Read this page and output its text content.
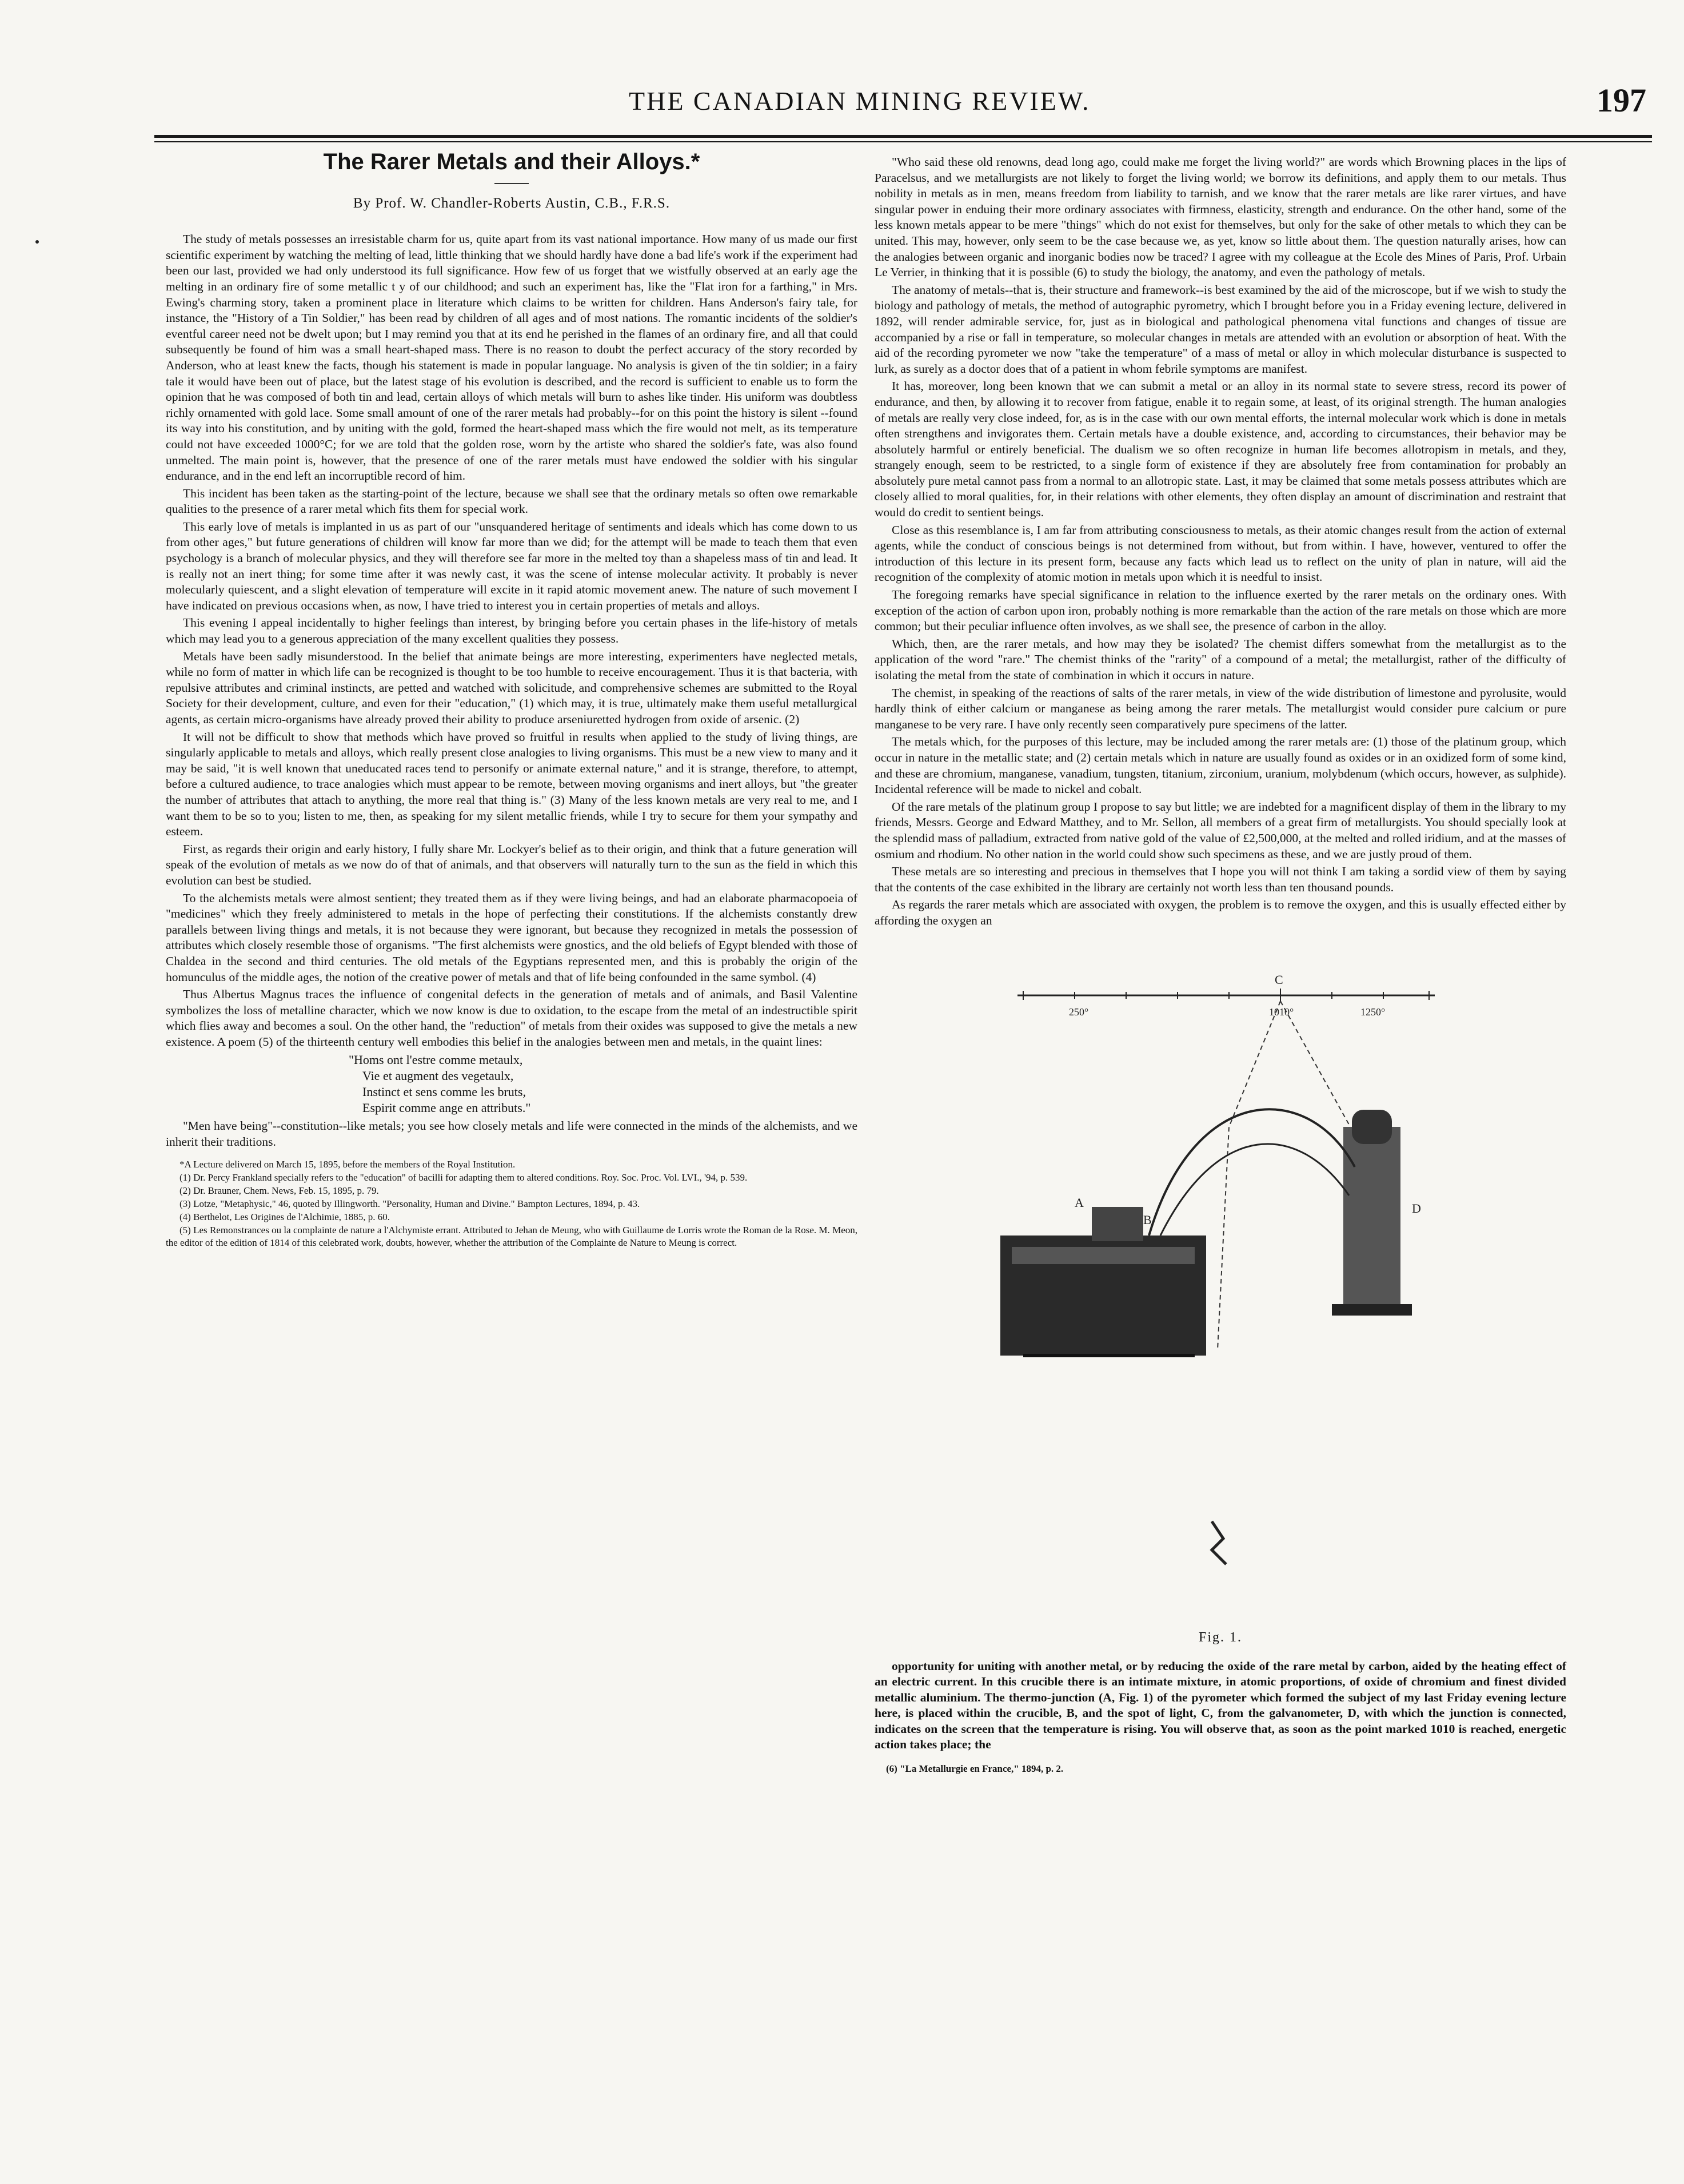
THE CANADIAN MINING REVIEW.	197
The Rarer Metals and their Alloys.*
By Prof. W. Chandler-Roberts Austin, C.B., F.R.S.

The study of metals possesses an irresistable charm for us, quite apart from its vast national importance. How many of us made our first scientific experiment by watching the melting of lead, little thinking that we should hardly have done a bad life's work if the experiment had been our last, provided we had only understood its full significance. How few of us forget that we wistfully observed at an early age the melting in an ordinary fire of some metallic t y of our childhood; and such an experiment has, like the "Flat iron for a farthing," in Mrs. Ewing's charming story, taken a prominent place in literature which claims to be written for children. Hans Anderson's fairy tale, for instance, the "History of a Tin Soldier," has been read by children of all ages and of most nations. The romantic incidents of the soldier's eventful career need not be dwelt upon; but I may remind you that at its end he perished in the flames of an ordinary fire, and all that could subsequently be found of him was a small heart-shaped mass. There is no reason to doubt the perfect accuracy of the story recorded by Anderson, who at least knew the facts, though his statement is made in popular language. No analysis is given of the tin soldier; in a fairy tale it would have been out of place, but the latest stage of his evolution is described, and the record is sufficient to enable us to form the opinion that he was composed of both tin and lead, certain alloys of which metals will burn to ashes like tinder. His uniform was doubtless richly ornamented with gold lace. Some small amount of one of the rarer metals had probably--for on this point the history is silent --found its way into his constitution, and by uniting with the gold, formed the heart-shaped mass which the fire would not melt, as its temperature could not have exceeded 1000°C; for we are told that the golden rose, worn by the artiste who shared the soldier's fate, was also found unmelted. The main point is, however, that the presence of one of the rarer metals must have endowed the soldier with his singular endurance, and in the end left an incorruptible record of him.

This incident has been taken as the starting-point of the lecture, because we shall see that the ordinary metals so often owe remarkable qualities to the presence of a rarer metal which fits them for special work.

This early love of metals is implanted in us as part of our "unsquandered heritage of sentiments and ideals which has come down to us from other ages," but future generations of children will know far more than we did; for the attempt will be made to teach them that even psychology is a branch of molecular physics, and they will therefore see far more in the melted toy than a shapeless mass of tin and lead. It is really not an inert thing; for some time after it was newly cast, it was the scene of intense molecular activity. It probably is never molecularly quiescent, and a slight elevation of temperature will excite in it rapid atomic movement anew. The nature of such movement I have indicated on previous occasions when, as now, I have tried to interest you in certain properties of metals and alloys.

This evening I appeal incidentally to higher feelings than interest, by bringing before you certain phases in the life-history of metals which may lead you to a generous appreciation of the many excellent qualities they possess.

Metals have been sadly misunderstood. In the belief that animate beings are more interesting, experimenters have neglected metals, while no form of matter in which life can be recognized is thought to be too humble to receive encouragement. Thus it is that bacteria, with repulsive attributes and criminal instincts, are petted and watched with solicitude, and comprehensive schemes are submitted to the Royal Society for their development, culture, and even for their "education," (1) which may, it is true, ultimately make them useful metallurgical agents, as certain micro-organisms have already proved their ability to produce arseniuretted hydrogen from oxide of arsenic. (2)

It will not be difficult to show that methods which have proved so fruitful in results when applied to the study of living things, are singularly applicable to metals and alloys, which really present close analogies to living organisms. This must be a new view to many and it may be said, "it is well known that uneducated races tend to personify or animate external nature," and it is strange, therefore, to attempt, before a cultured audience, to trace analogies which must appear to be remote, between moving organisms and inert alloys, but "the greater the number of attributes that attach to anything, the more real that thing is." (3) Many of the less known metals are very real to me, and I want them to be so to you; listen to me, then, as speaking for my silent metallic friends, while I try to secure for them your sympathy and esteem.

First, as regards their origin and early history, I fully share Mr. Lockyer's belief as to their origin, and think that a future generation will speak of the evolution of metals as we now do of that of animals, and that observers will naturally turn to the sun as the field in which this evolution can best be studied.

To the alchemists metals were almost sentient; they treated them as if they were living beings, and had an elaborate pharmacopoeia of "medicines" which they freely administered to metals in the hope of perfecting their constitutions. If the alchemists constantly drew parallels between living things and metals, it is not because they were ignorant, but because they recognized in metals the possession of attributes which closely resemble those of organisms. "The first alchemists were gnostics, and the old beliefs of Egypt blended with those of Chaldea in the second and third centuries. The old metals of the Egyptians represented men, and this is probably the origin of the homunculus of the middle ages, the notion of the creative power of metals and that of life being confounded in the same symbol. (4)

Thus Albertus Magnus traces the influence of congenital defects in the generation of metals and of animals, and Basil Valentine symbolizes the loss of metalline character, which we now know is due to oxidation, to the escape from the metal of an indestructible spirit which flies away and becomes a soul. On the other hand, the "reduction" of metals from their oxides was supposed to give the metals a new existence. A poem (5) of the thirteenth century well embodies this belief in the analogies between men and metals, in the quaint lines:

"Homs ont l'estre comme metaulx,
Vie et augment des vegetaulx,
Instinct et sens comme les bruts,
Espirit comme ange en attributs."

"Men have being"--constitution--like metals; you see how closely metals and life were connected in the minds of the alchemists, and we inherit their traditions.

*A Lecture delivered on March 15, 1895, before the members of the Royal Institution.
(1) Dr. Percy Frankland specially refers to the "education" of bacilli for adapting them to altered conditions. Roy. Soc. Proc. Vol. LVI., '94, p. 539.
(2) Dr. Brauner, Chem. News, Feb. 15, 1895, p. 79.
(3) Lotze, "Metaphysic," 46, quoted by Illingworth. "Personality, Human and Divine." Bampton Lectures, 1894, p. 43.
(4) Berthelot, Les Origines de l'Alchimie, 1885, p. 60.
(5) Les Remonstrances ou la complainte de nature a l'Alchymiste errant. Attributed to Jehan de Meung, who with Guillaume de Lorris wrote the Roman de la Rose. M. Meon, the editor of the edition of 1814 of this celebrated work, doubts, however, whether the attribution of the Complainte de Nature to Meung is correct.

"Who said these old renowns, dead long ago, could make me forget the living world?" are words which Browning places in the lips of Paracelsus, and we metallurgists are not likely to forget the living world; we borrow its definitions, and apply them to our metals. Thus nobility in metals as in men, means freedom from liability to tarnish, and we know that the rarer metals are like rarer virtues, and have singular power in enduing their more ordinary associates with firmness, elasticity, strength and endurance. On the other hand, some of the less known metals appear to be mere "things" which do not exist for themselves, but only for the sake of other metals to which they can be united. This may, however, only seem to be the case because we, as yet, know so little about them. The question naturally arises, how can the analogies between organic and inorganic bodies now be traced? I agree with my colleague at the Ecole des Mines of Paris, Prof. Urbain Le Verrier, in thinking that it is possible (6) to study the biology, the anatomy, and even the pathology of metals.

The anatomy of metals--that is, their structure and framework--is best examined by the aid of the microscope, but if we wish to study the biology and pathology of metals, the method of autographic pyrometry, which I brought before you in a Friday evening lecture, delivered in 1892, will render admirable service, for, just as in biological and pathological phenomena vital functions and changes of tissue are accompanied by a rise or fall in temperature, so molecular changes in metals are attended with an evolution or absorption of heat. With the aid of the recording pyrometer we now "take the temperature" of a mass of metal or alloy in which molecular disturbance is suspected to lurk, as surely as a doctor does that of a patient in whom febrile symptoms are manifest.

It has, moreover, long been known that we can submit a metal or an alloy in its normal state to severe stress, record its power of endurance, and then, by allowing it to recover from fatigue, enable it to regain some, at least, of its original strength. The human analogies of metals are really very close indeed, for, as is in the case with our own mental efforts, the internal molecular work which is done in metals often strengthens and invigorates them. Certain metals have a double existence, and, according to circumstances, their behavior may be absolutely harmful or entirely beneficial. The dualism we so often recognize in human life becomes allotropism in metals, and they, strangely enough, seem to be restricted, to a single form of existence if they are absolutely free from contamination for probably an absolutely pure metal cannot pass from a normal to an allotropic state. Last, it may be claimed that some metals possess attributes which are closely allied to moral qualities, for, in their relations with other elements, they often display an amount of discrimination and restraint that would do credit to sentient beings.

Close as this resemblance is, I am far from attributing consciousness to metals, as their atomic changes result from the action of external agents, while the conduct of conscious beings is not determined from without, but from within. I have, however, ventured to offer the introduction of this lecture in its present form, because any facts which lead us to reflect on the unity of plan in nature, will aid the recognition of the complexity of atomic motion in metals upon which it is needful to insist.

The foregoing remarks have special significance in relation to the influence exerted by the rarer metals on the ordinary ones. With exception of the action of carbon upon iron, probably nothing is more remarkable than the action of the rare metals on those which are more common; but their peculiar influence often involves, as we shall see, the presence of carbon in the alloy.

Which, then, are the rarer metals, and how may they be isolated? The chemist differs somewhat from the metallurgist as to the application of the word "rare." The chemist thinks of the "rarity" of a compound of a metal; the metallurgist, rather of the difficulty of isolating the metal from the state of combination in which it occurs in nature.

The chemist, in speaking of the reactions of salts of the rarer metals, in view of the wide distribution of limestone and pyrolusite, would hardly think of either calcium or manganese as being among the rarer metals. The metallurgist would consider pure calcium or pure manganese to be very rare. I have only recently seen comparatively pure specimens of the latter.

The metals which, for the purposes of this lecture, may be included among the rarer metals are: (1) those of the platinum group, which occur in nature in the metallic state; and (2) certain metals which in nature are usually found as oxides or in an oxidized form of some kind, and these are chromium, manganese, vanadium, tungsten, titanium, zirconium, uranium, molybdenum (which occurs, however, as sulphide). Incidental reference will be made to nickel and cobalt.

Of the rare metals of the platinum group I propose to say but little; we are indebted for a magnificent display of them in the library to my friends, Messrs. George and Edward Matthey, and to Mr. Sellon, all members of a great firm of metallurgists. You should specially look at the splendid mass of palladium, extracted from native gold of the value of £2,500,000, at the melted and rolled iridium, and at the masses of osmium and rhodium. No other nation in the world could show such specimens as these, and we are justly proud of them.

These metals are so interesting and precious in themselves that I hope you will not think I am taking a sordid view of them by saying that the contents of the case exhibited in the library are certainly not worth less than ten thousand pounds.

As regards the rarer metals which are associated with oxygen, the problem is to remove the oxygen, and this is usually effected either by affording the oxygen an

250°	1010°	1250°
C
D
B
A
Fig. 1.

opportunity for uniting with another metal, or by reducing the oxide of the rare metal by carbon, aided by the heating effect of an electric current. In this crucible there is an intimate mixture, in atomic proportions, of oxide of chromium and finest divided metallic aluminium. The thermo-junction (A, Fig. 1) of the pyrometer which formed the subject of my last Friday evening lecture here, is placed within the crucible, B, and the spot of light, C, from the galvanometer, D, with which the junction is connected, indicates on the screen that the temperature is rising. You will observe that, as soon as the point marked 1010 is reached, energetic action takes place; the

(6) "La Metallurgie en France," 1894, p. 2.
